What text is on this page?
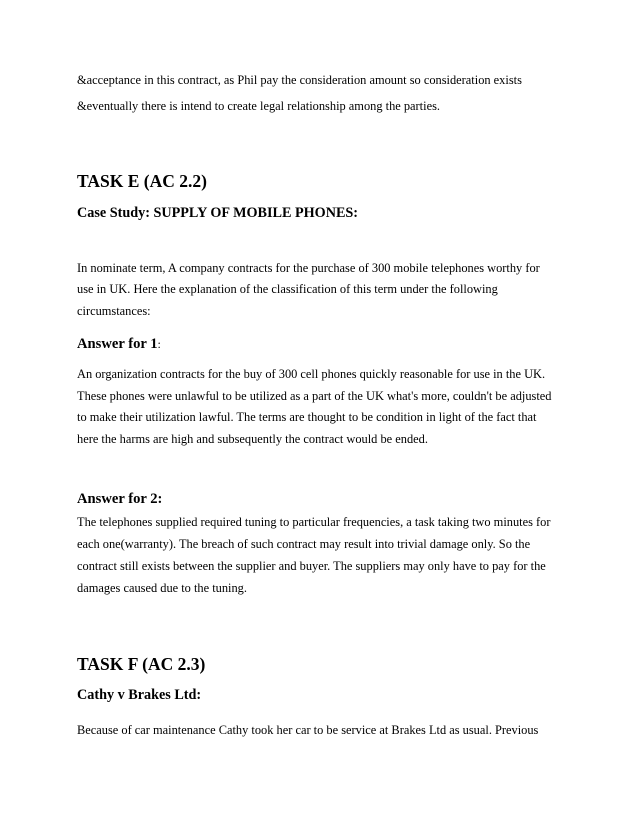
&acceptance in this contract, as Phil pay the consideration amount so consideration exists
&eventually there is intend to create legal relationship among the parties.
TASK E (AC 2.2)
Case Study: SUPPLY OF MOBILE PHONES:
In nominate term, A company contracts for the purchase of 300 mobile telephones worthy for
use in UK. Here the explanation of the classification of this term under the following
circumstances:
Answer for 1:
An organization contracts for the buy of 300 cell phones quickly reasonable for use in the UK.
These phones were unlawful to be utilized as a part of the UK what's more, couldn't be adjusted
to make their utilization lawful. The terms are thought to be condition in light of the fact that
here the harms are high and subsequently the contract would be ended.
Answer for 2:
The telephones supplied required tuning to particular frequencies, a task taking two minutes for
each one(warranty). The breach of such contract may result into trivial damage only. So the
contract still exists between the supplier and buyer. The suppliers may only have to pay for the
damages caused due to the tuning.
TASK F (AC 2.3)
Cathy v Brakes Ltd:
Because of car maintenance Cathy took her car to be service at Brakes Ltd as usual. Previous
